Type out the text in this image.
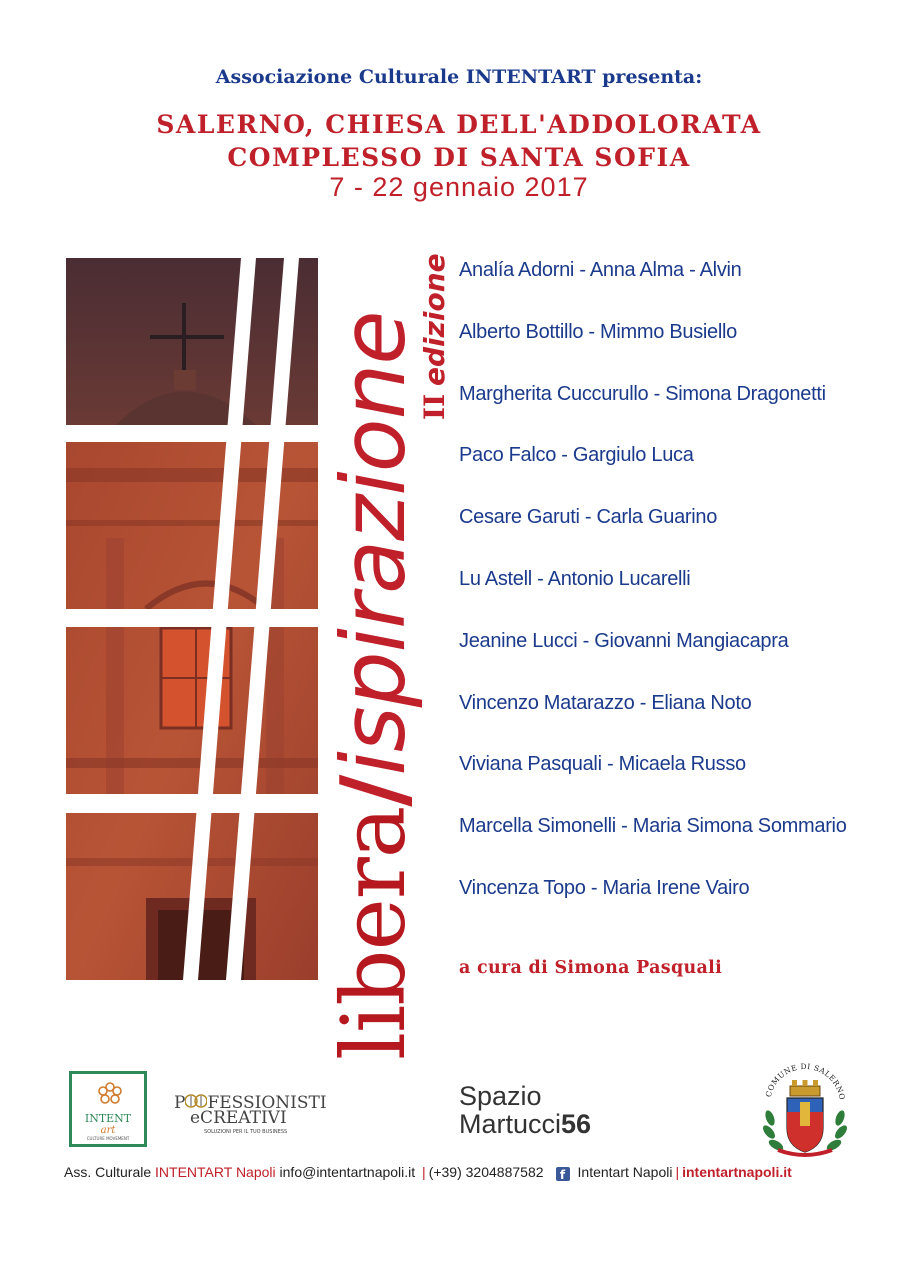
Associazione Culturale INTENTART presenta:
SALERNO, CHIESA DELL'ADDOLORATA
COMPLESSO DI SANTA SOFIA
7 - 22 gennaio 2017
libera/ispirazione
II edizione Analía Adorni - Anna Alma - Alvin
Alberto Bottillo - Mimmo Busiello
Margherita Cuccurullo - Simona Dragonetti
Paco Falco - Gargiulo Luca
Cesare Garuti - Carla Guarino
Lu Astell - Antonio Lucarelli
Jeanine Lucci - Giovanni Mangiacapra
Vincenzo Matarazzo - Eliana Noto
Viviana Pasquali - Micaela Russo
Marcella Simonelli - Maria Simona Sommario
Vincenza Topo - Maria Irene Vairo
a cura di Simona Pasquali
INTENT
art
CULTURE MOVEMENT
P FESSIONISTI
eCREATIVI
SOLUZIONI PER IL TUO BUSINESS
Spazio
Martucci56
COMUNE DI SALERNO
Ass. Culturale INTENTART Napoli info@intentartnapoli.it | (+39) 3204887582 f Intentart Napoli | intentartnapoli.it
